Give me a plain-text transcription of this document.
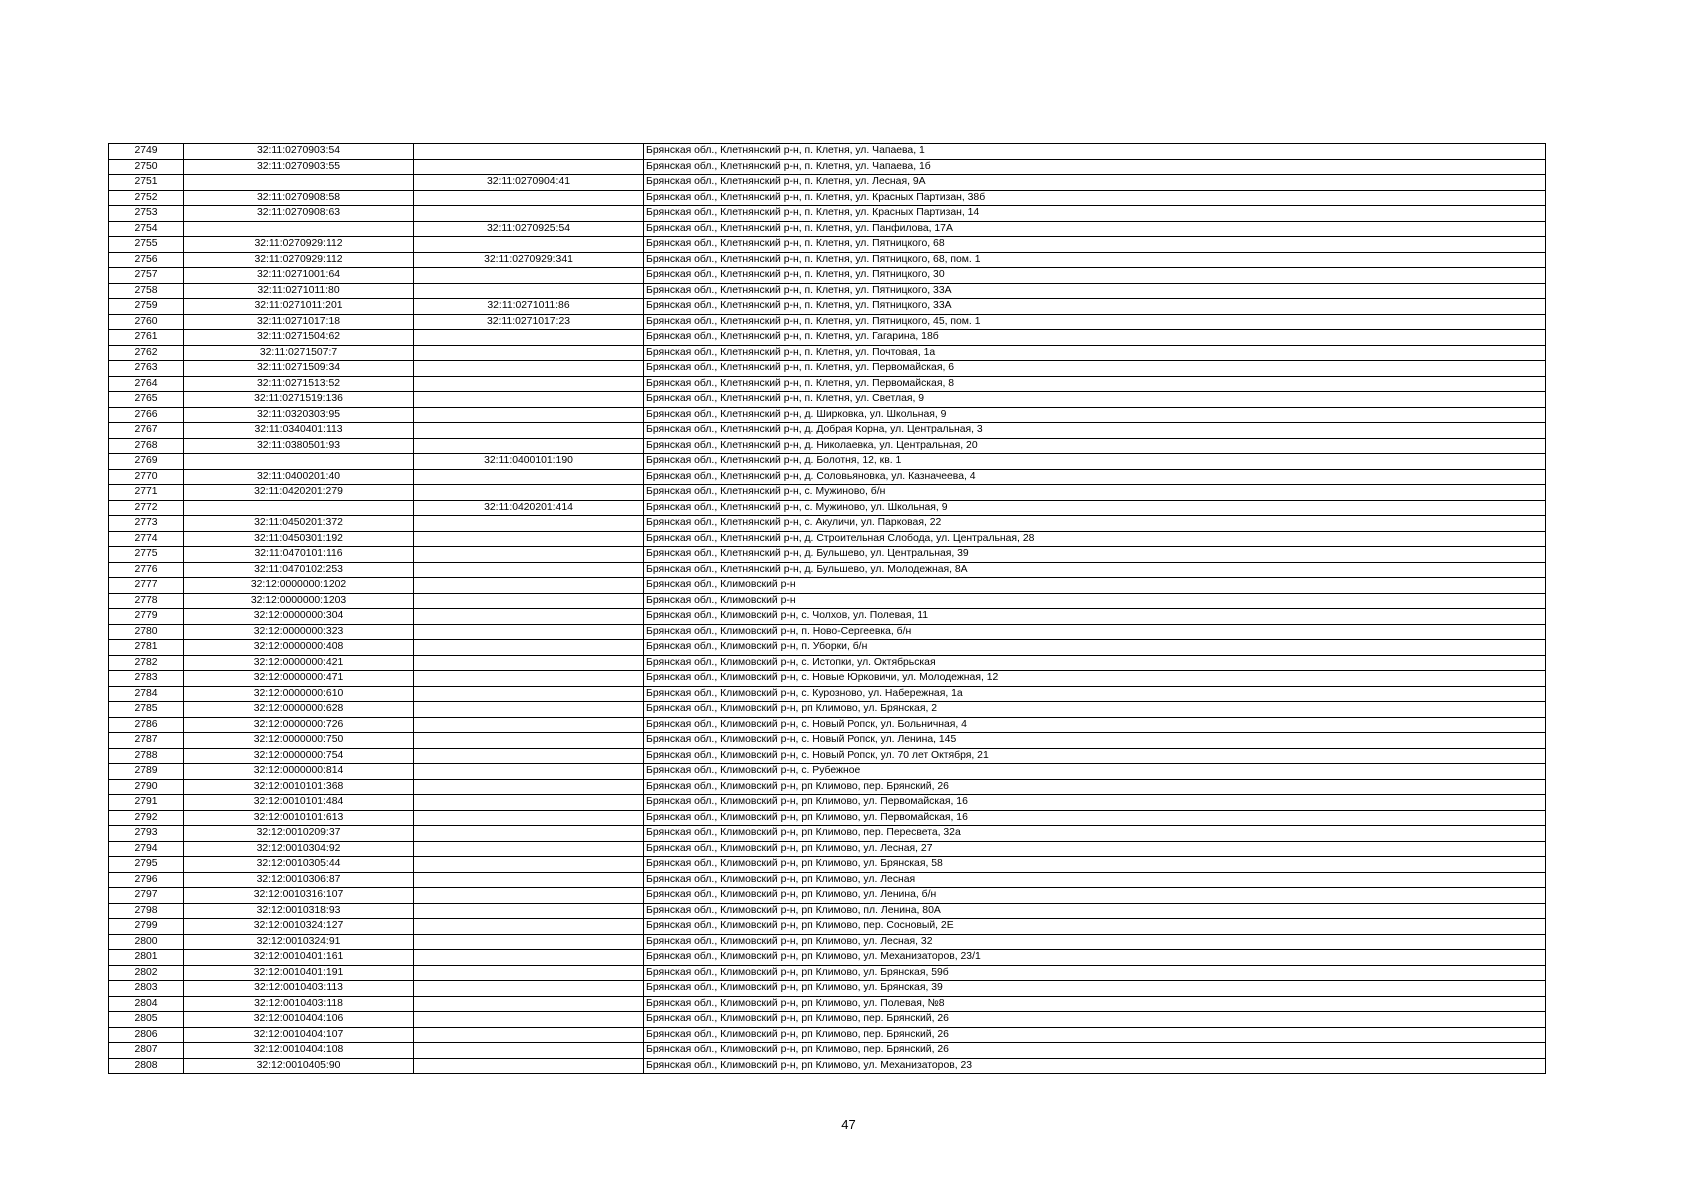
2749	32:11:0270903:54		Брянская обл., Клетнянский р-н, п. Клетня, ул. Чапаева, 1
2750	32:11:0270903:55		Брянская обл., Клетнянский р-н, п. Клетня, ул. Чапаева, 1б
2751		32:11:0270904:41	Брянская обл., Клетнянский р-н, п. Клетня, ул. Лесная, 9А
2752	32:11:0270908:58		Брянская обл., Клетнянский р-н, п. Клетня, ул. Красных Партизан, 38б
2753	32:11:0270908:63		Брянская обл., Клетнянский р-н, п. Клетня, ул. Красных Партизан, 14
2754		32:11:0270925:54	Брянская обл., Клетнянский р-н, п. Клетня, ул. Панфилова, 17А
2755	32:11:0270929:112		Брянская обл., Клетнянский р-н, п. Клетня, ул. Пятницкого, 68
2756	32:11:0270929:112	32:11:0270929:341	Брянская обл., Клетнянский р-н, п. Клетня, ул. Пятницкого, 68, пом. 1
2757	32:11:0271001:64		Брянская обл., Клетнянский р-н, п. Клетня, ул. Пятницкого, 30
2758	32:11:0271011:80		Брянская обл., Клетнянский р-н, п. Клетня, ул. Пятницкого, 33А
2759	32:11:0271011:201	32:11:0271011:86	Брянская обл., Клетнянский р-н, п. Клетня, ул. Пятницкого, 33А
2760	32:11:0271017:18	32:11:0271017:23	Брянская обл., Клетнянский р-н, п. Клетня, ул. Пятницкого, 45, пом. 1
2761	32:11:0271504:62		Брянская обл., Клетнянский р-н, п. Клетня, ул. Гагарина, 18б
2762	32:11:0271507:7		Брянская обл., Клетнянский р-н, п. Клетня, ул. Почтовая, 1а
2763	32:11:0271509:34		Брянская обл., Клетнянский р-н, п. Клетня, ул. Первомайская, 6
2764	32:11:0271513:52		Брянская обл., Клетнянский р-н, п. Клетня, ул. Первомайская, 8
2765	32:11:0271519:136		Брянская обл., Клетнянский р-н, п. Клетня, ул. Светлая, 9
2766	32:11:0320303:95		Брянская обл., Клетнянский р-н, д. Ширковка, ул. Школьная, 9
2767	32:11:0340401:113		Брянская обл., Клетнянский р-н, д. Добрая Корна, ул. Центральная, 3
2768	32:11:0380501:93		Брянская обл., Клетнянский р-н, д. Николаевка, ул. Центральная, 20
2769		32:11:0400101:190	Брянская обл., Клетнянский р-н, д. Болотня, 12, кв. 1
2770	32:11:0400201:40		Брянская обл., Клетнянский р-н, д. Соловьяновка, ул. Казначеева, 4
2771	32:11:0420201:279		Брянская обл., Клетнянский р-н, с. Мужиново, б/н
2772		32:11:0420201:414	Брянская обл., Клетнянский р-н, с. Мужиново, ул. Школьная, 9
2773	32:11:0450201:372		Брянская обл., Клетнянский р-н, с. Акуличи, ул. Парковая, 22
2774	32:11:0450301:192		Брянская обл., Клетнянский р-н, д. Строительная Слобода, ул. Центральная, 28
2775	32:11:0470101:116		Брянская обл., Клетнянский р-н, д. Бульшево, ул. Центральная, 39
2776	32:11:0470102:253		Брянская обл., Клетнянский р-н, д. Бульшево, ул. Молодежная, 8А
2777	32:12:0000000:1202		Брянская обл., Климовский р-н
2778	32:12:0000000:1203		Брянская обл., Климовский р-н
2779	32:12:0000000:304		Брянская обл., Климовский р-н, с. Чолхов, ул. Полевая, 11
2780	32:12:0000000:323		Брянская обл., Климовский р-н, п. Ново-Сергеевка, б/н
2781	32:12:0000000:408		Брянская обл., Климовский р-н, п. Уборки, б/н
2782	32:12:0000000:421		Брянская обл., Климовский р-н, с. Истопки, ул. Октябрьская
2783	32:12:0000000:471		Брянская обл., Климовский р-н, с. Новые Юрковичи, ул. Молодежная, 12
2784	32:12:0000000:610		Брянская обл., Климовский р-н, с. Курозново, ул. Набережная, 1а
2785	32:12:0000000:628		Брянская обл., Климовский р-н, рп Климово, ул. Брянская, 2
2786	32:12:0000000:726		Брянская обл., Климовский р-н, с. Новый Ропск, ул. Больничная, 4
2787	32:12:0000000:750		Брянская обл., Климовский р-н, с. Новый Ропск, ул. Ленина, 145
2788	32:12:0000000:754		Брянская обл., Климовский р-н, с. Новый Ропск, ул. 70 лет Октября, 21
2789	32:12:0000000:814		Брянская обл., Климовский р-н, с. Рубежное
2790	32:12:0010101:368		Брянская обл., Климовский р-н, рп Климово, пер. Брянский, 26
2791	32:12:0010101:484		Брянская обл., Климовский р-н, рп Климово, ул. Первомайская, 16
2792	32:12:0010101:613		Брянская обл., Климовский р-н, рп Климово, ул. Первомайская, 16
2793	32:12:0010209:37		Брянская обл., Климовский р-н, рп Климово, пер. Пересвета, 32а
2794	32:12:0010304:92		Брянская обл., Климовский р-н, рп Климово, ул. Лесная, 27
2795	32:12:0010305:44		Брянская обл., Климовский р-н, рп Климово, ул. Брянская, 58
2796	32:12:0010306:87		Брянская обл., Климовский р-н, рп Климово, ул. Лесная
2797	32:12:0010316:107		Брянская обл., Климовский р-н, рп Климово, ул. Ленина, б/н
2798	32:12:0010318:93		Брянская обл., Климовский р-н, рп Климово, пл. Ленина, 80А
2799	32:12:0010324:127		Брянская обл., Климовский р-н, рп Климово, пер. Сосновый, 2Е
2800	32:12:0010324:91		Брянская обл., Климовский р-н, рп Климово, ул. Лесная, 32
2801	32:12:0010401:161		Брянская обл., Климовский р-н, рп Климово, ул. Механизаторов, 23/1
2802	32:12:0010401:191		Брянская обл., Климовский р-н, рп Климово, ул. Брянская, 59б
2803	32:12:0010403:113		Брянская обл., Климовский р-н, рп Климово, ул. Брянская, 39
2804	32:12:0010403:118		Брянская обл., Климовский р-н, рп Климово, ул. Полевая, №8
2805	32:12:0010404:106		Брянская обл., Климовский р-н, рп Климово, пер. Брянский, 26
2806	32:12:0010404:107		Брянская обл., Климовский р-н, рп Климово, пер. Брянский, 26
2807	32:12:0010404:108		Брянская обл., Климовский р-н, рп Климово, пер. Брянский, 26
2808	32:12:0010405:90		Брянская обл., Климовский р-н, рп Климово, ул. Механизаторов, 23
47
